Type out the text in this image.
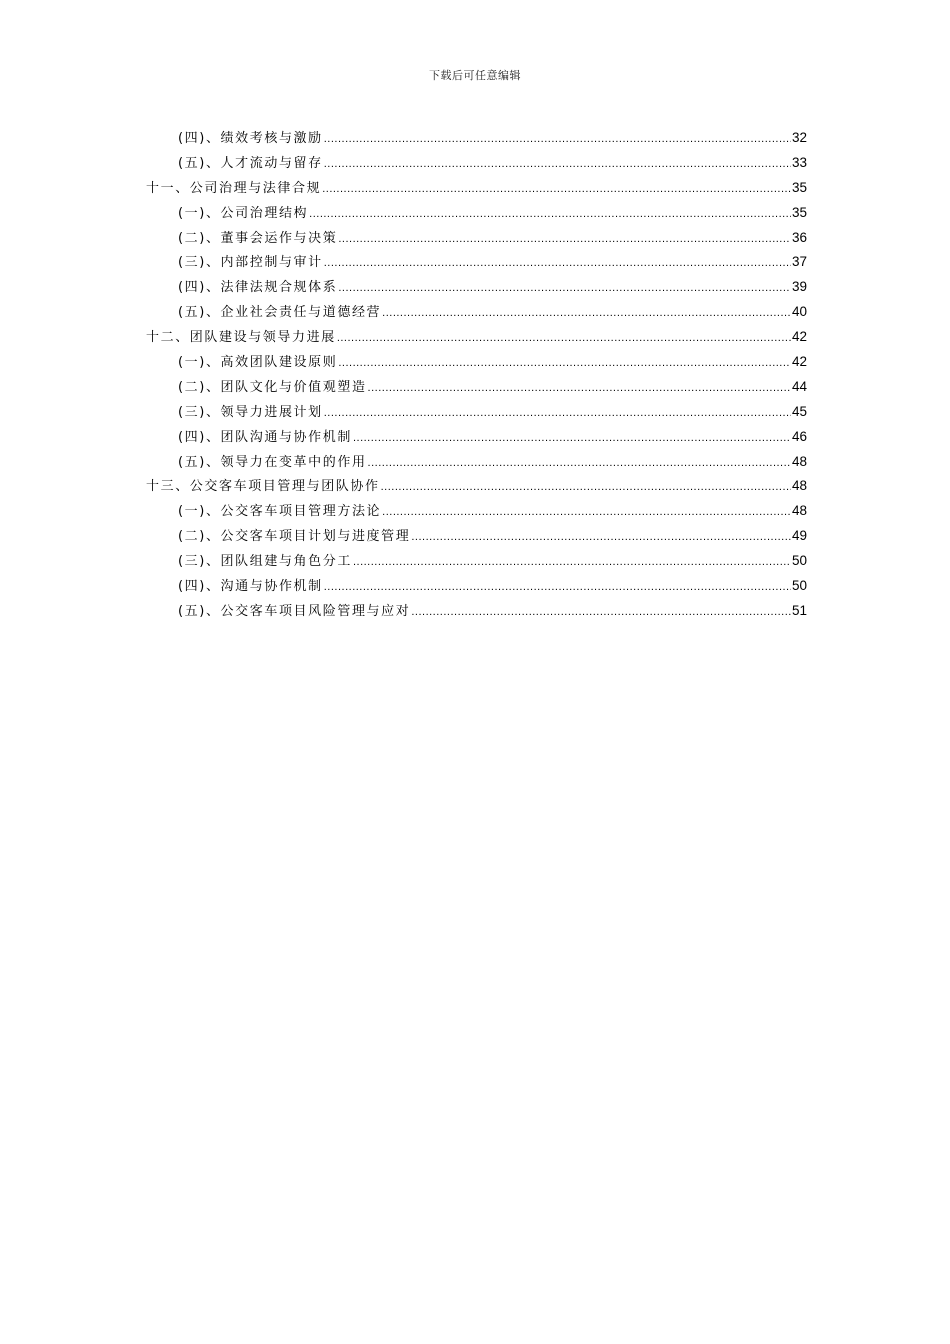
下载后可任意编辑
(四)、绩效考核与激励 .....	32
(五)、人才流动与留存 .....	33
十一、公司治理与法律合规 .....	35
(一)、公司治理结构 .....	35
(二)、董事会运作与决策 .....	36
(三)、内部控制与审计 .....	37
(四)、法律法规合规体系 .....	39
(五)、企业社会责任与道德经营 .....	40
十二、团队建设与领导力进展 .....	42
(一)、高效团队建设原则 .....	42
(二)、团队文化与价值观塑造 .....	44
(三)、领导力进展计划 .....	45
(四)、团队沟通与协作机制 .....	46
(五)、领导力在变革中的作用 .....	48
十三、公交客车项目管理与团队协作 .....	48
(一)、公交客车项目管理方法论 .....	48
(二)、公交客车项目计划与进度管理 .....	49
(三)、团队组建与角色分工 .....	50
(四)、沟通与协作机制 .....	50
(五)、公交客车项目风险管理与应对 .....	51
